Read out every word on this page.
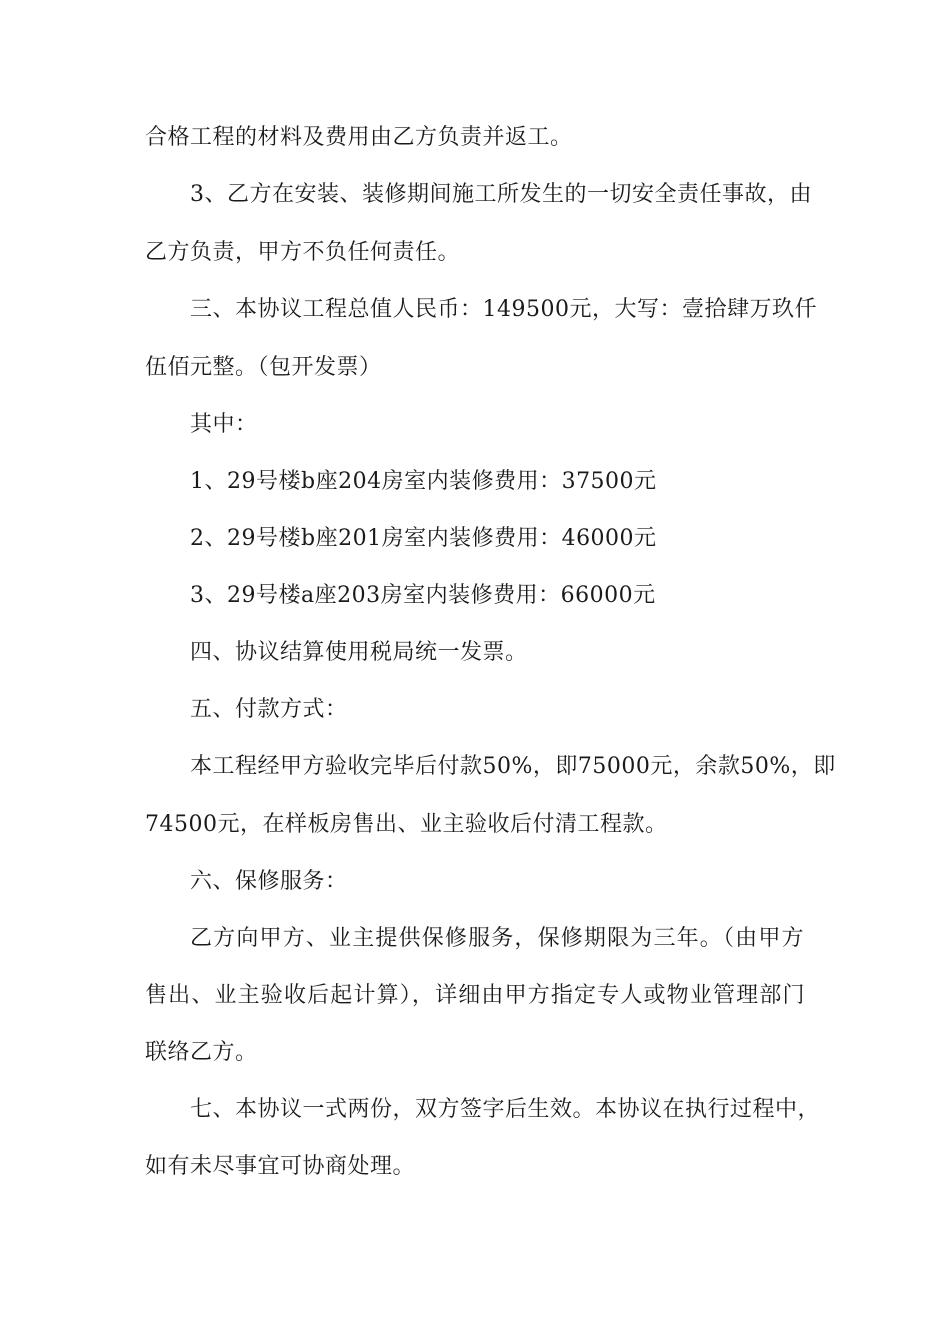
合格工程的材料及费用由乙方负责并返工。
3、乙方在安装、装修期间施工所发生的一切安全责任事故，由
乙方负责，甲方不负任何责任。
三、本协议工程总值人民币：149500元，大写：壹拾肆万玖仟
伍佰元整。（包开发票）
其中：
1、29号楼b座204房室内装修费用：37500元
2、29号楼b座201房室内装修费用：46000元
3、29号楼a座203房室内装修费用：66000元
四、协议结算使用税局统一发票。
五、付款方式：
本工程经甲方验收完毕后付款50%，即75000元，余款50%，即
74500元，在样板房售出、业主验收后付清工程款。
六、保修服务：
乙方向甲方、业主提供保修服务，保修期限为三年。（由甲方
售出、业主验收后起计算），详细由甲方指定专人或物业管理部门
联络乙方。
七、本协议一式两份，双方签字后生效。本协议在执行过程中，
如有未尽事宜可协商处理。
